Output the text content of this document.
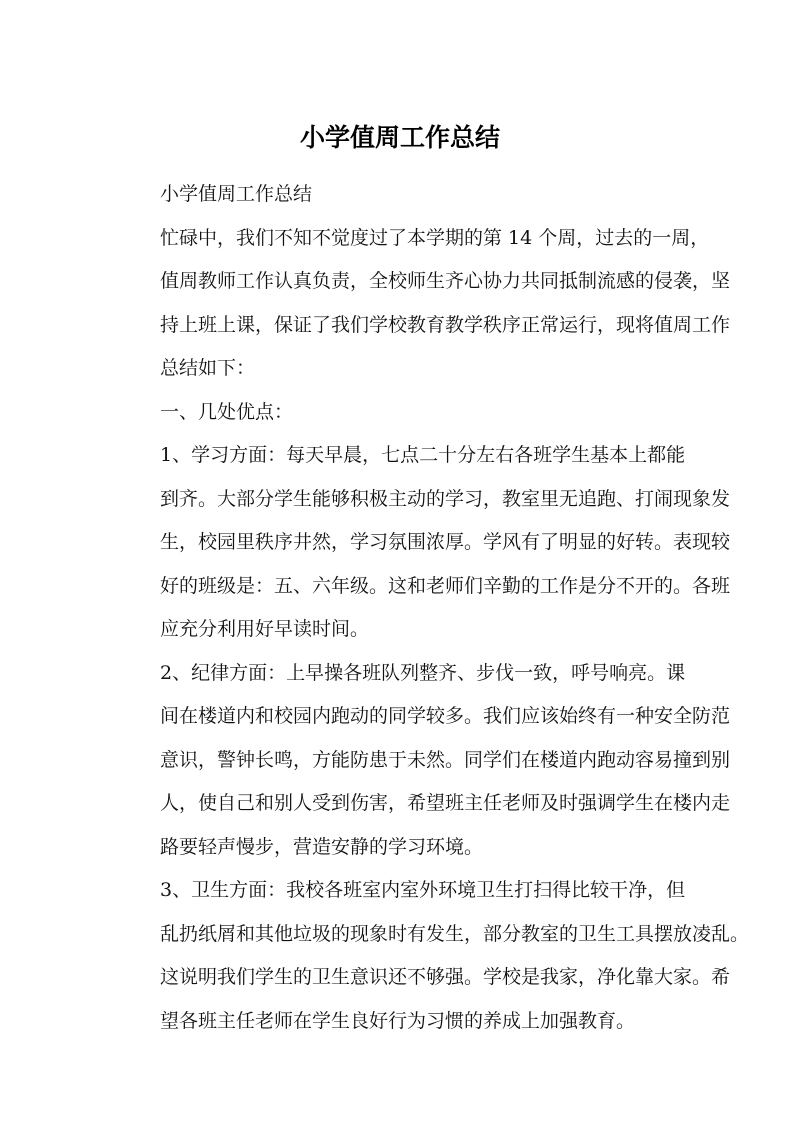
小学值周工作总结

小学值周工作总结

忙碌中，我们不知不觉度过了本学期的第 14 个周，过去的一周，
值周教师工作认真负责，全校师生齐心协力共同抵制流感的侵袭，坚
持上班上课，保证了我们学校教育教学秩序正常运行，现将值周工作
总结如下：

一、几处优点：

1、学习方面：每天早晨，七点二十分左右各班学生基本上都能
到齐。大部分学生能够积极主动的学习，教室里无追跑、打闹现象发
生，校园里秩序井然，学习氛围浓厚。学风有了明显的好转。表现较
好的班级是：五、六年级。这和老师们辛勤的工作是分不开的。各班
应充分利用好早读时间。

2、纪律方面：上早操各班队列整齐、步伐一致，呼号响亮。课
间在楼道内和校园内跑动的同学较多。我们应该始终有一种安全防范
意识，警钟长鸣，方能防患于未然。同学们在楼道内跑动容易撞到别
人，使自己和别人受到伤害，希望班主任老师及时强调学生在楼内走
路要轻声慢步，营造安静的学习环境。

3、卫生方面：我校各班室内室外环境卫生打扫得比较干净，但
乱扔纸屑和其他垃圾的现象时有发生，部分教室的卫生工具摆放凌乱。
这说明我们学生的卫生意识还不够强。学校是我家，净化靠大家。希
望各班主任老师在学生良好行为习惯的养成上加强教育。
